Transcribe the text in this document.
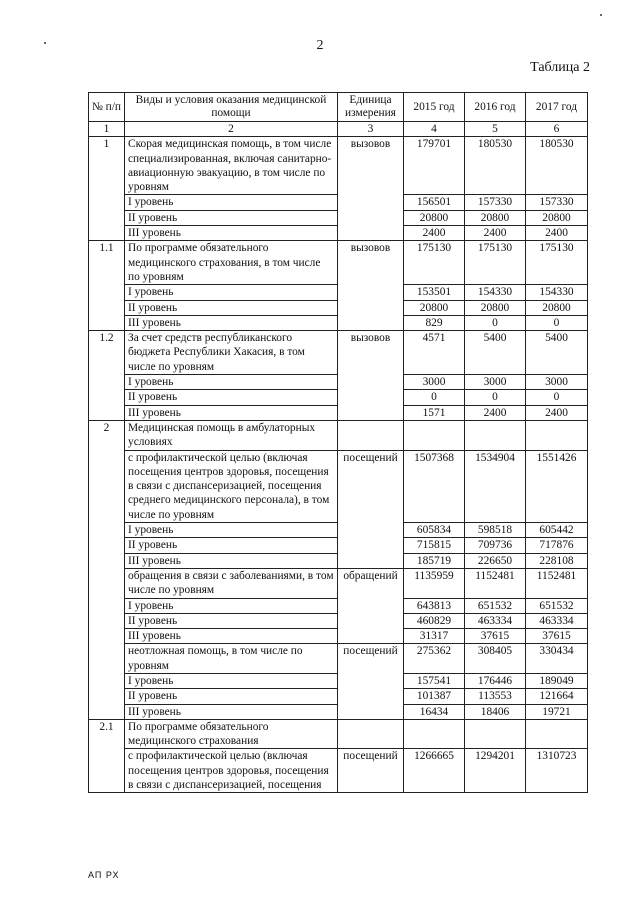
2
Таблица 2
№ п/п	Виды и условия оказания медицинской помощи	Единица измерения	2015 год	2016 год	2017 год
1	2	3	4	5	6
1	Скорая медицинская помощь, в том числе специализированная, включая санитарно-авиационную эвакуацию, в том числе по уровням	вызовов	179701	180530	180530
	I уровень		156501	157330	157330
	II уровень		20800	20800	20800
	III уровень		2400	2400	2400
1.1	По программе обязательного медицинского страхования, в том числе по уровням	вызовов	175130	175130	175130
	I уровень		153501	154330	154330
	II уровень		20800	20800	20800
	III уровень		829	0	0
1.2	За счет средств республиканского бюджета Республики Хакасия, в том числе по уровням	вызовов	4571	5400	5400
	I уровень		3000	3000	3000
	II уровень		0	0	0
	III уровень		1571	2400	2400
2	Медицинская помощь в амбулаторных условиях				
	с профилактической целью (включая посещения центров здоровья, посещения в связи с диспансеризацией, посещения среднего медицинского персонала), в том числе по уровням	посещений	1507368	1534904	1551426
	I уровень		605834	598518	605442
	II уровень		715815	709736	717876
	III уровень		185719	226650	228108
	обращения в связи с заболеваниями, в том числе по уровням	обращений	1135959	1152481	1152481
	I уровень		643813	651532	651532
	II уровень		460829	463334	463334
	III уровень		31317	37615	37615
	неотложная помощь, в том числе по уровням	посещений	275362	308405	330434
	I уровень		157541	176446	189049
	II уровень		101387	113553	121664
	III уровень		16434	18406	19721
2.1	По программе обязательного медицинского страхования				
	с профилактической целью (включая посещения центров здоровья, посещения в связи с диспансеризацией, посещения	посещений	1266665	1294201	1310723
АП РХ
